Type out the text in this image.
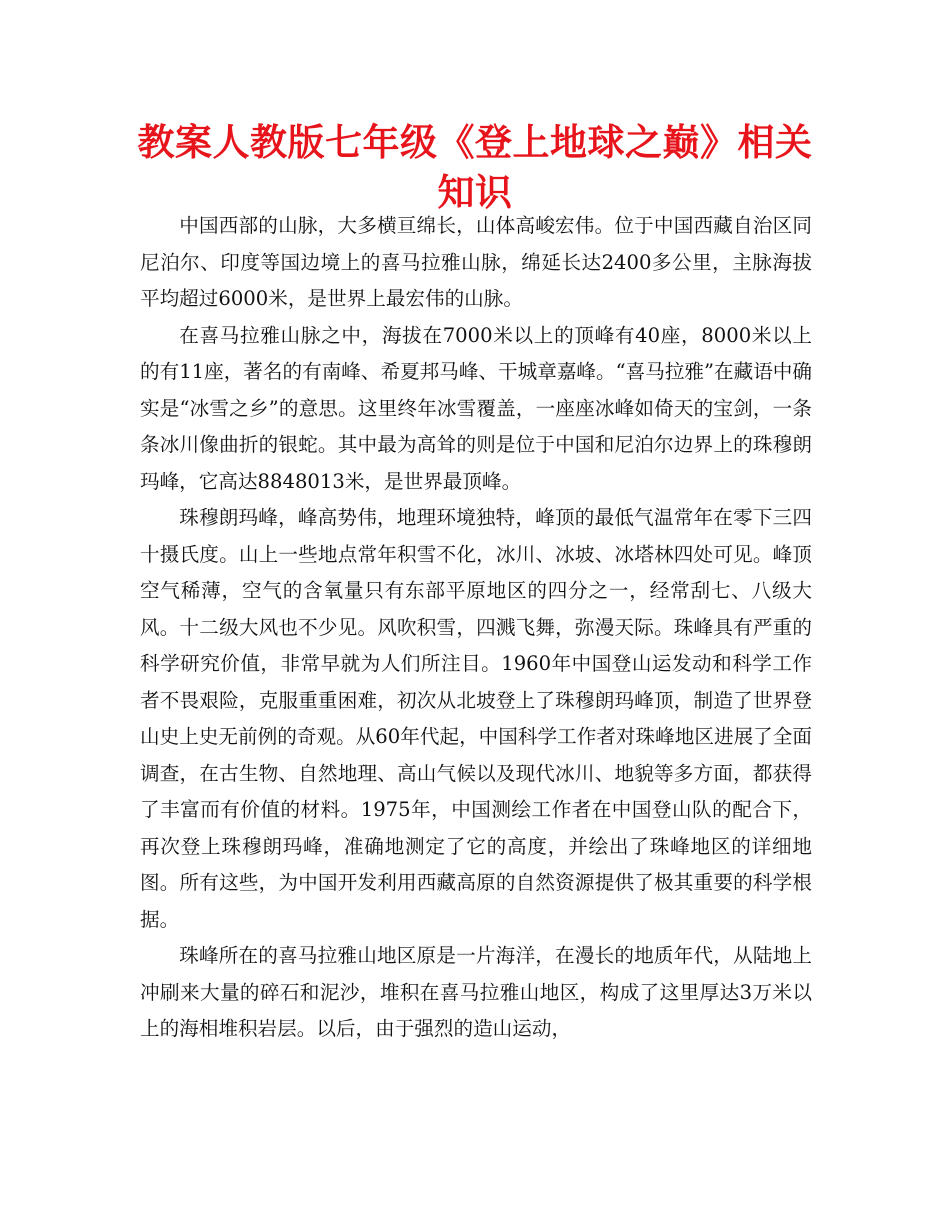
教案人教版七年级《登上地球之巅》相关知识

中国西部的山脉，大多横亘绵长，山体高峻宏伟。位于中国西藏自治区同尼泊尔、印度等国边境上的喜马拉雅山脉，绵延长达2400多公里，主脉海拔平均超过6000米，是世界上最宏伟的山脉。

在喜马拉雅山脉之中，海拔在7000米以上的顶峰有40座，8000米以上的有11座，著名的有南峰、希夏邦马峰、干城章嘉峰。“喜马拉雅”在藏语中确实是“冰雪之乡”的意思。这里终年冰雪覆盖，一座座冰峰如倚天的宝剑，一条条冰川像曲折的银蛇。其中最为高耸的则是位于中国和尼泊尔边界上的珠穆朗玛峰，它高达8848013米，是世界最顶峰。

珠穆朗玛峰，峰高势伟，地理环境独特，峰顶的最低气温常年在零下三四十摄氏度。山上一些地点常年积雪不化，冰川、冰坡、冰塔林四处可见。峰顶空气稀薄，空气的含氧量只有东部平原地区的四分之一，经常刮七、八级大风。十二级大风也不少见。风吹积雪，四溅飞舞，弥漫天际。珠峰具有严重的科学研究价值，非常早就为人们所注目。1960年中国登山运发动和科学工作者不畏艰险，克服重重困难，初次从北坡登上了珠穆朗玛峰顶，制造了世界登山史上史无前例的奇观。从60年代起，中国科学工作者对珠峰地区进展了全面调查，在古生物、自然地理、高山气候以及现代冰川、地貌等多方面，都获得了丰富而有价值的材料。1975年，中国测绘工作者在中国登山队的配合下，再次登上珠穆朗玛峰，准确地测定了它的高度，并绘出了珠峰地区的详细地图。所有这些，为中国开发利用西藏高原的自然资源提供了极其重要的科学根据。

珠峰所在的喜马拉雅山地区原是一片海洋，在漫长的地质年代，从陆地上冲刷来大量的碎石和泥沙，堆积在喜马拉雅山地区，构成了这里厚达3万米以上的海相堆积岩层。以后，由于强烈的造山运动，
